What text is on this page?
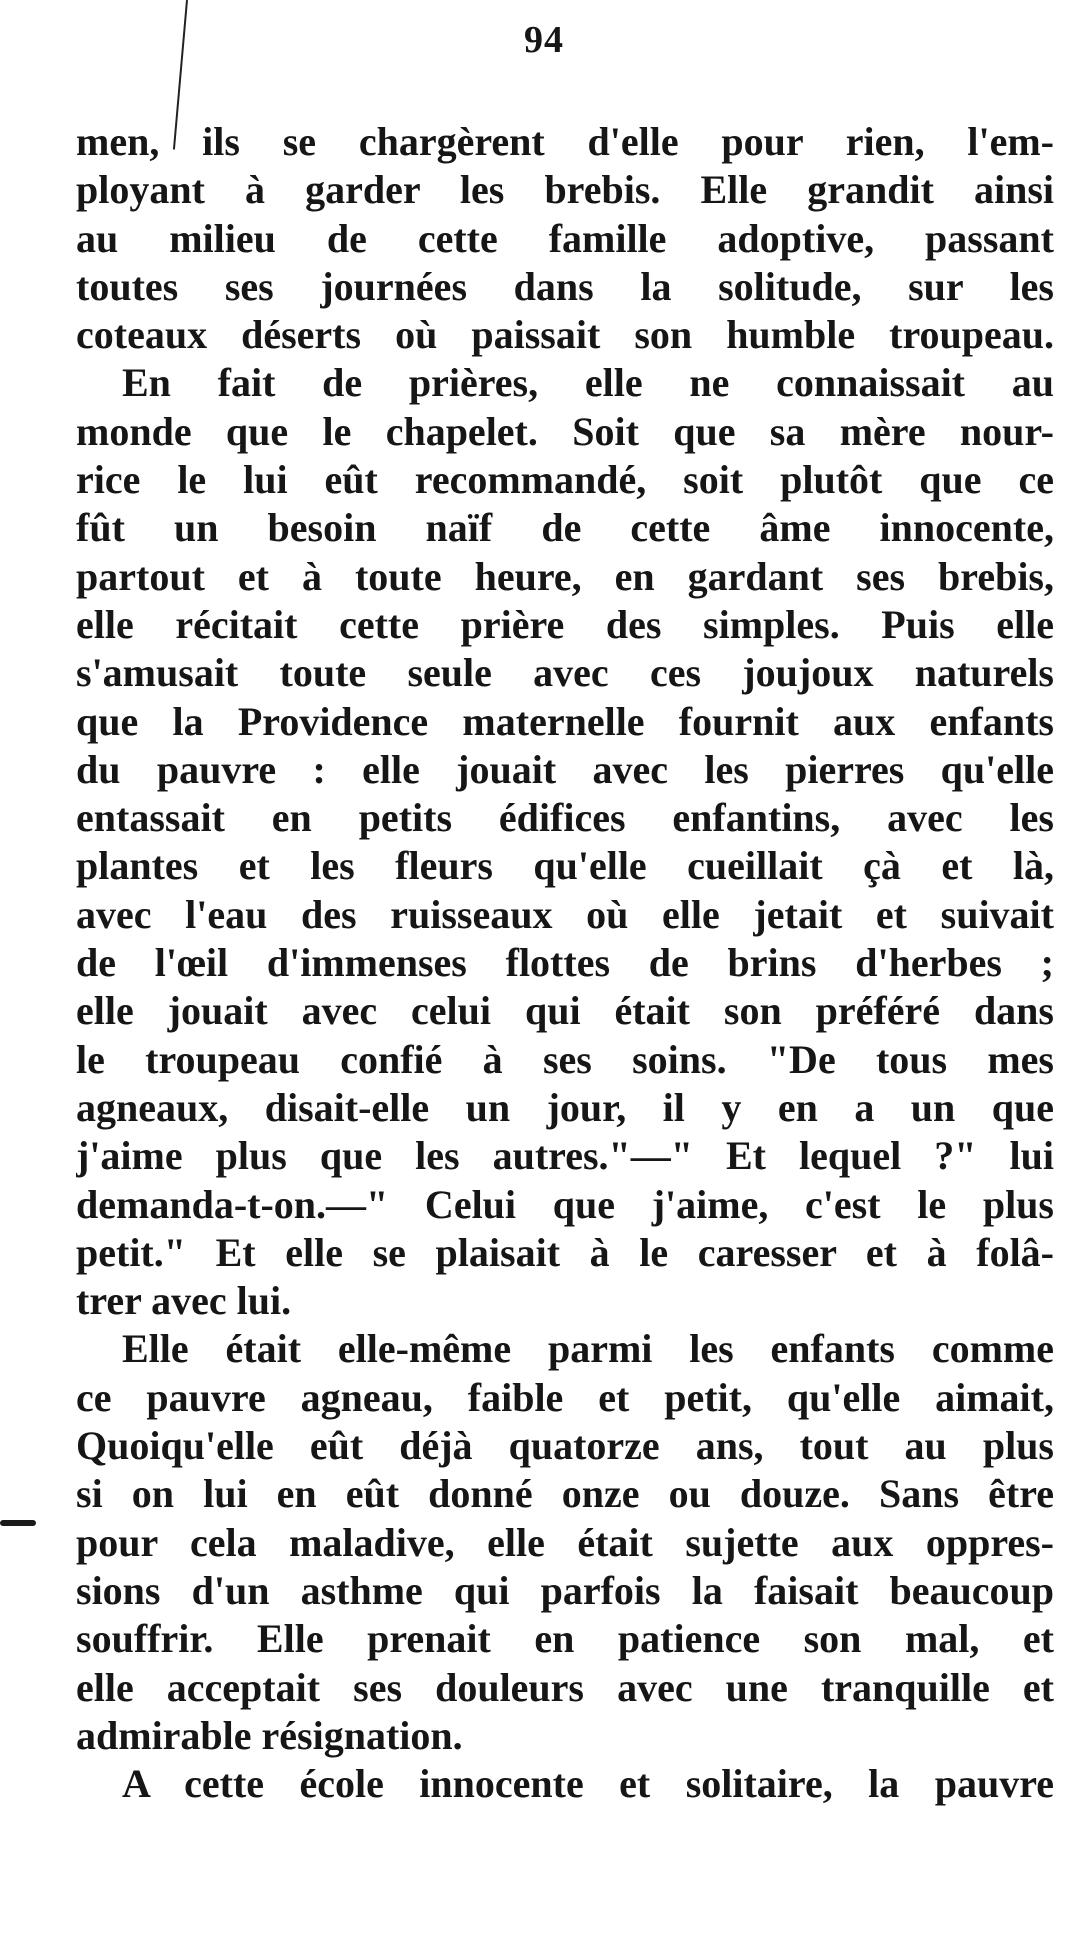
94
men, ils se chargèrent d'elle pour rien, l'em-
ployant à garder les brebis. Elle grandit ainsi
au milieu de cette famille adoptive, passant
toutes ses journées dans la solitude, sur les
coteaux déserts où paissait son humble troupeau.
En fait de prières, elle ne connaissait au
monde que le chapelet. Soit que sa mère nour-
rice le lui eût recommandé, soit plutôt que ce
fût un besoin naïf de cette âme innocente,
partout et à toute heure, en gardant ses brebis,
elle récitait cette prière des simples. Puis elle
s'amusait toute seule avec ces joujoux naturels
que la Providence maternelle fournit aux enfants
du pauvre : elle jouait avec les pierres qu'elle
entassait en petits édifices enfantins, avec les
plantes et les fleurs qu'elle cueillait çà et là,
avec l'eau des ruisseaux où elle jetait et suivait
de l'œil d'immenses flottes de brins d'herbes ;
elle jouait avec celui qui était son préféré dans
le troupeau confié à ses soins. "De tous mes
agneaux, disait-elle un jour, il y en a un que
j'aime plus que les autres."—" Et lequel ?" lui
demanda-t-on.—" Celui que j'aime, c'est le plus
petit." Et elle se plaisait à le caresser et à folâ-
trer avec lui.
Elle était elle-même parmi les enfants comme
ce pauvre agneau, faible et petit, qu'elle aimait,
Quoiqu'elle eût déjà quatorze ans, tout au plus
si on lui en eût donné onze ou douze. Sans être
pour cela maladive, elle était sujette aux oppres-
sions d'un asthme qui parfois la faisait beaucoup
souffrir. Elle prenait en patience son mal, et
elle acceptait ses douleurs avec une tranquille et
admirable résignation.
A cette école innocente et solitaire, la pauvre
